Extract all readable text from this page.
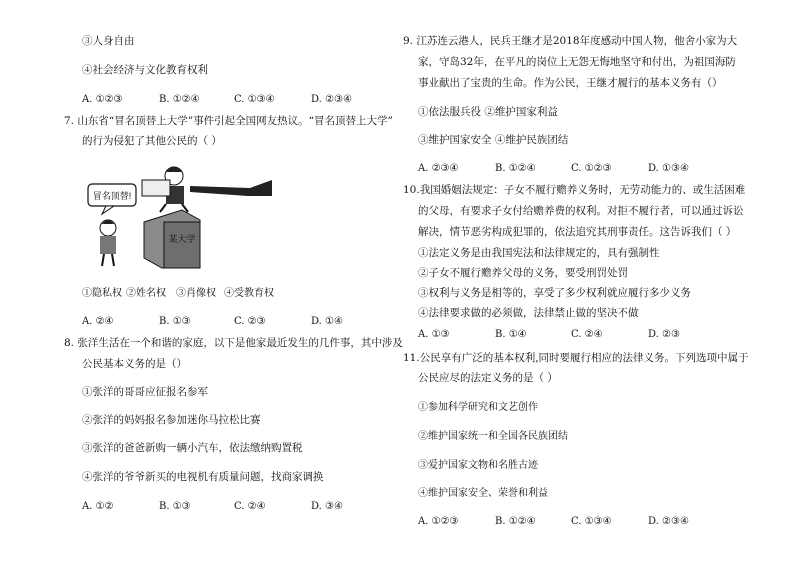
③人身自由
④社会经济与文化教育权利
A. ①②③	B. ①②④	C. ①③④	D. ②③④
7. 山东省“冒名顶替上大学”事件引起全国网友热议。“冒名顶替上大学”
的行为侵犯了其他公民的（ ）
冒名顶替!
某大学
①隐私权 ②姓名权 ③肖像权 ④受教育权
A. ②④	B. ①③	C. ②③	D. ①④
8. 张洋生活在一个和谐的家庭，以下是他家最近发生的几件事，其中涉及
公民基本义务的是（）
①张洋的哥哥应征报名参军
②张洋的妈妈报名参加迷你马拉松比赛
③张洋的爸爸新购一辆小汽车，依法缴纳购置税
④张洋的爷爷新买的电视机有质量问题，找商家调换
A. ①②	B. ①③	C. ②④	D. ③④
9. 江苏连云港人，民兵王继才是2018年度感动中国人物，他舍小家为大
家，守岛32年，在平凡的岗位上无怨无悔地坚守和付出，为祖国海防
事业献出了宝贵的生命。作为公民，王继才履行的基本义务有（）
①依法服兵役 ②维护国家利益
③维护国家安全 ④维护民族团结
A. ②③④	B. ①②④	C. ①②③	D. ①③④
10.我国婚姻法规定：子女不履行赡养义务时，无劳动能力的、或生活困难
的父母，有要求子女付给赡养费的权利。对拒不履行者，可以通过诉讼
解决，情节恶劣构成犯罪的，依法追究其刑事责任。这告诉我们（ ）
①法定义务是由我国宪法和法律规定的，具有强制性
②子女不履行赡养父母的义务，要受刑罚处罚
③权利与义务是相等的，享受了多少权利就应履行多少义务
④法律要求做的必须做，法律禁止做的坚决不做
A. ①③	B. ①④	C. ②④	D. ②③
11.公民享有广泛的基本权利,同时要履行相应的法律义务。下列选项中属于
公民应尽的法定义务的是（ ）
①参加科学研究和文艺创作
②维护国家统一和全国各民族团结
③爱护国家文物和名胜古迹
④维护国家安全、荣誉和利益
A. ①②③	B. ①②④	C. ①③④	D. ②③④
